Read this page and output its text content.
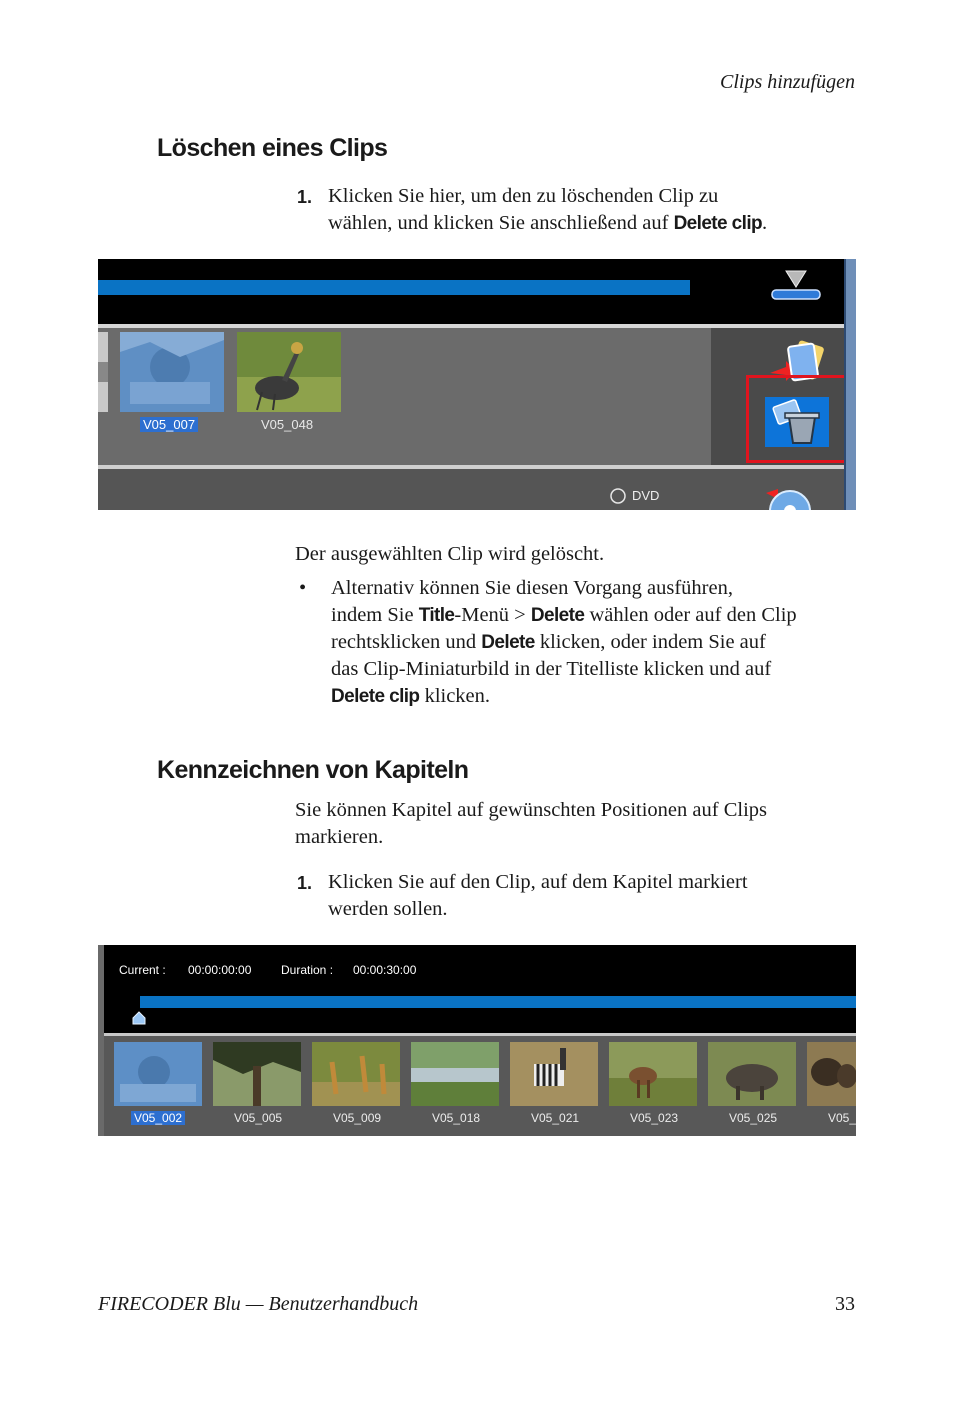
Clips hinzufügen
Löschen eines Clips
1. Klicken Sie hier, um den zu löschenden Clip zu
wählen, und klicken Sie anschließend auf Delete clip.
V05_007	V05_048
DVD
Der ausgewählten Clip wird gelöscht.
• Alternativ können Sie diesen Vorgang ausführen,
indem Sie Title-Menü > Delete wählen oder auf den Clip
rechtsklicken und Delete klicken, oder indem Sie auf
das Clip-Miniaturbild in der Titelliste klicken und auf
Delete clip klicken.
Kennzeichnen von Kapiteln
Sie können Kapitel auf gewünschten Positionen auf Clips
markieren.
1. Klicken Sie auf den Clip, auf dem Kapitel markiert
werden sollen.
Current : 00:00:00:00 Duration : 00:00:30:00
V05_002	V05_005	V05_009	V05_018	V05_021	V05_023	V05_025	V05_
FIRECODER Blu — Benutzerhandbuch	33
